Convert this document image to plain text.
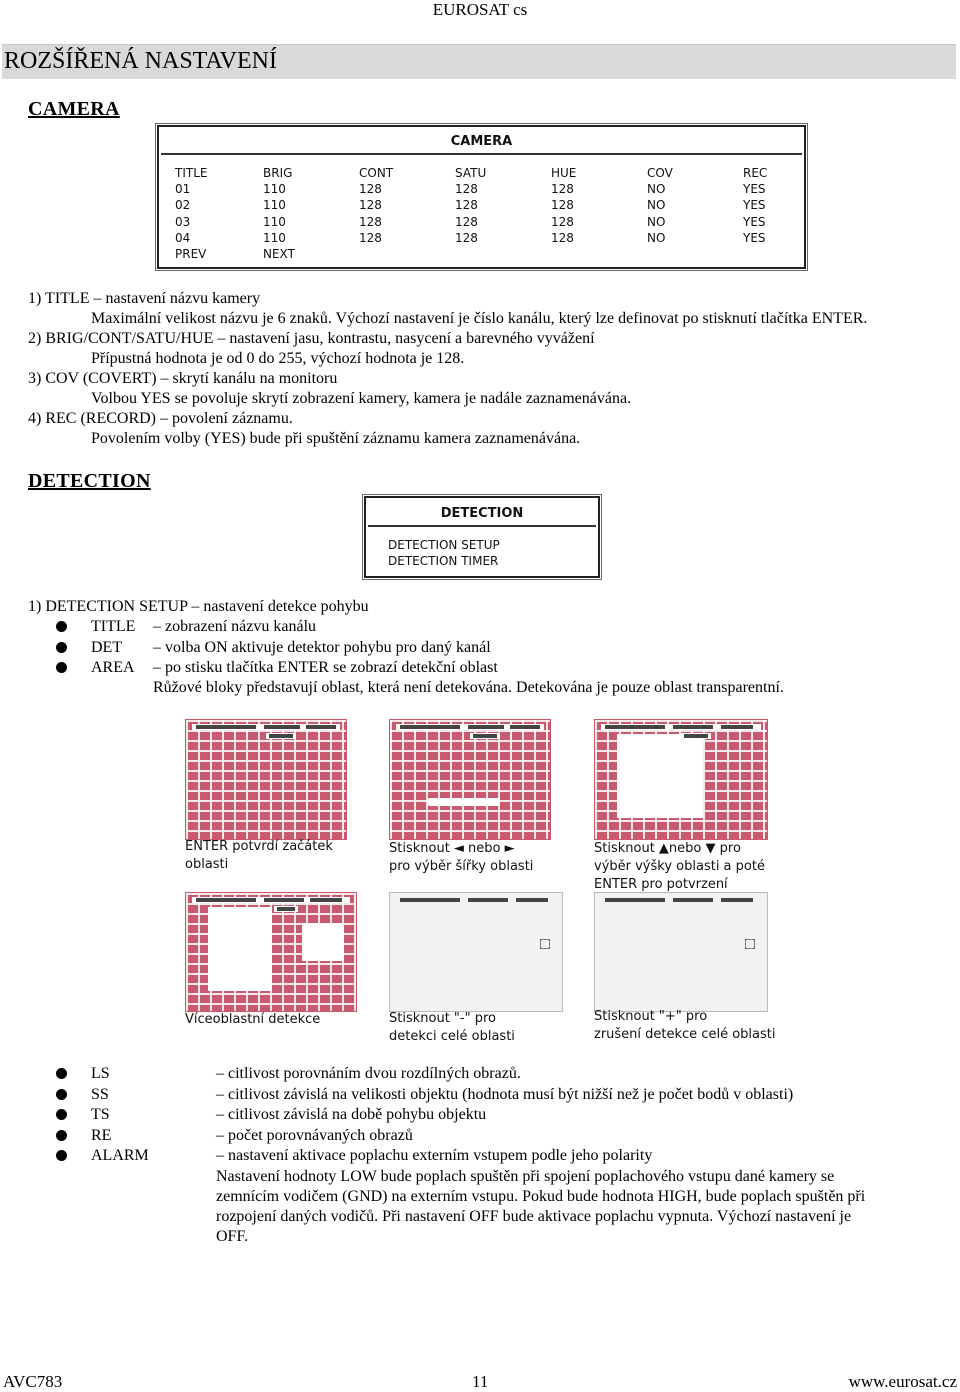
EUROSAT cs
ROZŠÍŘENÁ NASTAVENÍ
CAMERA
CAMERA
TITLE	BRIG	CONT	SATU	HUE	COV	REC
01	110	128	128	128	NO	YES
02	110	128	128	128	NO	YES
03	110	128	128	128	NO	YES
04	110	128	128	128	NO	YES
PREV	NEXT
1) TITLE – nastavení názvu kamery
Maximální velikost názvu je 6 znaků. Výchozí nastavení je číslo kanálu, který lze definovat po stisknutí tlačítka ENTER.
2) BRIG/CONT/SATU/HUE – nastavení jasu, kontrastu, nasycení a barevného vyvážení
Přípustná hodnota je od 0 do 255, výchozí hodnota je 128.
3) COV (COVERT) – skrytí kanálu na monitoru
Volbou YES se povoluje skrytí zobrazení kamery, kamera je nadále zaznamenávána.
4) REC (RECORD) – povolení záznamu.
Povolením volby (YES) bude při spuštění záznamu kamera zaznamenávána.
DETECTION
DETECTION
DETECTION SETUP
DETECTION TIMER
1) DETECTION SETUP – nastavení detekce pohybu
TITLE – zobrazení názvu kanálu
DET – volba ON aktivuje detektor pohybu pro daný kanál
AREA – po stisku tlačítka ENTER se zobrazí detekční oblast
Růžové bloky představují oblast, která není detekována. Detekována je pouze oblast transparentní.
ENTER potvrdí začátek
oblasti
Stisknout ◄ nebo ►
pro výběr šířky oblasti
Stisknout ▲nebo ▼ pro
výběr výšky oblasti a poté
ENTER pro potvrzení
Víceoblastní detekce	Stisknout "-" pro
detekci celé oblasti
Stisknout "+" pro
zrušení detekce celé oblasti
LS	– citlivost porovnáním dvou rozdílných obrazů.
SS	– citlivost závislá na velikosti objektu (hodnota musí být nižší než je počet bodů v oblasti)
TS	– citlivost závislá na době pohybu objektu
RE	– počet porovnávaných obrazů
ALARM	– nastavení aktivace poplachu externím vstupem podle jeho polarity
Nastavení hodnoty LOW bude poplach spuštěn při spojení poplachového vstupu dané kamery se
zemnícím vodičem (GND) na externím vstupu. Pokud bude hodnota HIGH, bude poplach spuštěn při
rozpojení daných vodičů. Při nastavení OFF bude aktivace poplachu vypnuta. Výchozí nastavení je
OFF.
AVC783	11	www.eurosat.cz
